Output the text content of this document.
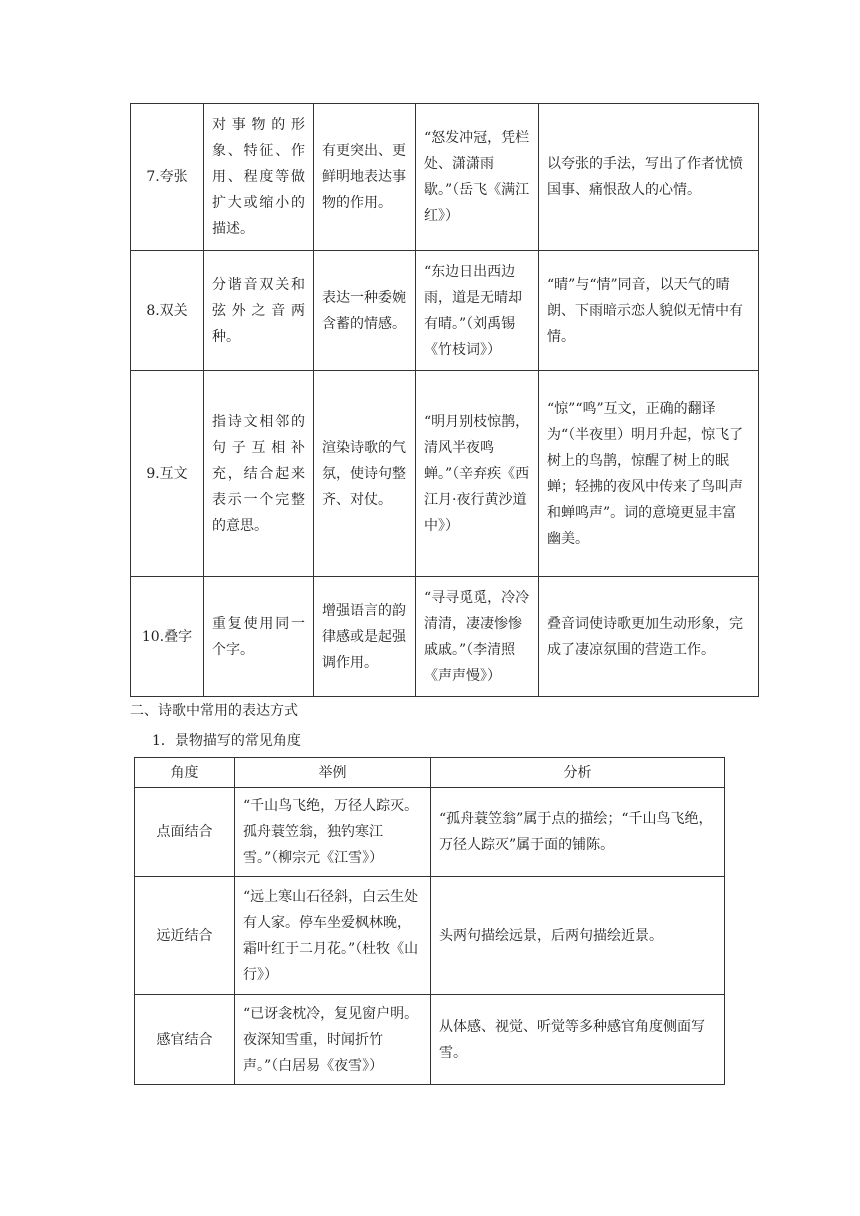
7.夸张	对事物的形象、特征、作用、程度等做扩大或缩小的描述。	有更突出、更鲜明地表达事物的作用。	“怒发冲冠，凭栏处、潇潇雨歇。”（岳飞《满江红》）	以夸张的手法，写出了作者忧愤国事、痛恨敌人的心情。
8.双关	分谐音双关和弦外之音两种。	表达一种委婉含蓄的情感。	“东边日出西边雨，道是无晴却有晴。”（刘禹锡《竹枝词》）	“晴”与“情”同音，以天气的晴朗、下雨暗示恋人貌似无情中有情。
9.互文	指诗文相邻的句子互相补充，结合起来表示一个完整的意思。	渲染诗歌的气氛，使诗句整齐、对仗。	“明月别枝惊鹊，清风半夜鸣蝉。”（辛弃疾《西江月·夜行黄沙道中》）	“惊”“鸣”互文，正确的翻译为“（半夜里）明月升起，惊飞了树上的鸟鹊，惊醒了树上的眠蝉；轻拂的夜风中传来了鸟叫声和蝉鸣声”。词的意境更显丰富幽美。
10.叠字	重复使用同一个字。	增强语言的韵律感或是起强调作用。	“寻寻觅觅，冷冷清清，凄凄惨惨戚戚。”（李清照《声声慢》）	叠音词使诗歌更加生动形象，完成了凄凉氛围的营造工作。
二、诗歌中常用的表达方式
1．景物描写的常见角度
角度	举例	分析
点面结合	“千山鸟飞绝，万径人踪灭。孤舟蓑笠翁，独钓寒江雪。”（柳宗元《江雪》）	“孤舟蓑笠翁”属于点的描绘；“千山鸟飞绝，万径人踪灭”属于面的铺陈。
远近结合	“远上寒山石径斜，白云生处有人家。停车坐爱枫林晚，霜叶红于二月花。”（杜牧《山行》）	头两句描绘远景，后两句描绘近景。
感官结合	“已讶衾枕冷，复见窗户明。夜深知雪重，时闻折竹声。”（白居易《夜雪》）	从体感、视觉、听觉等多种感官角度侧面写雪。
